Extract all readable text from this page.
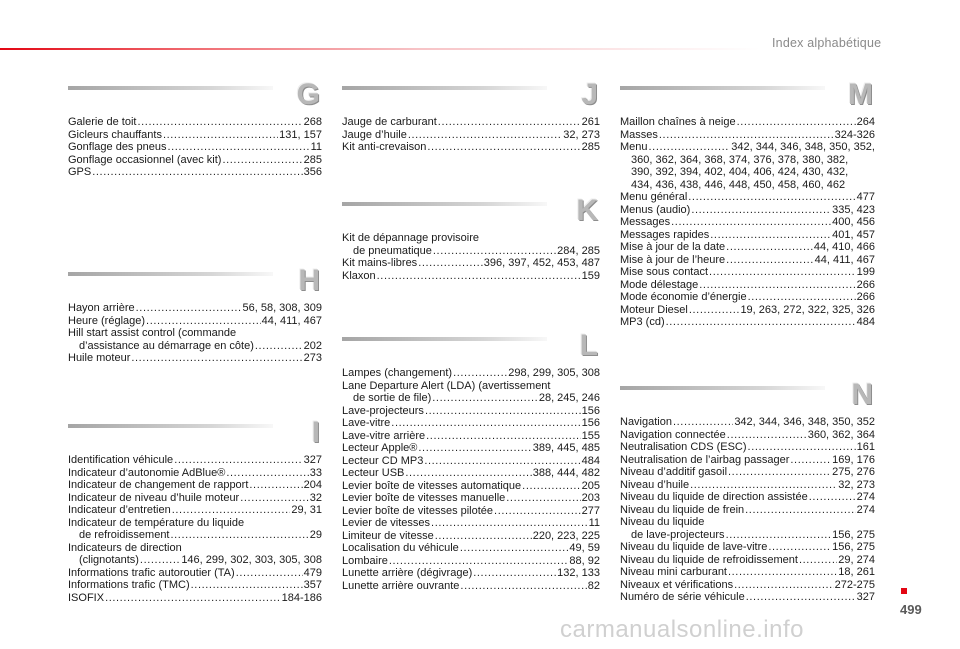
Index alphabétique
G
Galerie de toit .....	268
Gicleurs chauffants .....	131, 157
Gonflage des pneus .....	11
Gonflage occasionnel (avec kit) .....	285
GPS .....	356
H
Hayon arrière .....	56, 58, 308, 309
Heure (réglage) .....	44, 411, 467
Hill start assist control (commande
d’assistance au démarrage en côte) .....	202
Huile moteur .....	273
I
Identification véhicule .....	327
Indicateur d’autonomie AdBlue® .....	33
Indicateur de changement de rapport .....	204
Indicateur de niveau d’huile moteur .....	32
Indicateur d’entretien .....	29, 31
Indicateur de température du liquide
de refroidissement .....	29
Indicateurs de direction
(clignotants) .....	146, 299, 302, 303, 305, 308
Informations trafic autoroutier (TA) .....	479
Informations trafic (TMC) .....	357
ISOFIX .....	184-186
J
Jauge de carburant .....	261
Jauge d’huile .....	32, 273
Kit anti-crevaison .....	285
K
Kit de dépannage provisoire
de pneumatique .....	284, 285
Kit mains-libres .....	396, 397, 452, 453, 487
Klaxon .....	159
L
Lampes (changement) .....	298, 299, 305, 308
Lane Departure Alert (LDA) (avertissement
de sortie de file) .....	28, 245, 246
Lave-projecteurs .....	156
Lave-vitre .....	156
Lave-vitre arrière .....	155
Lecteur Apple® .....	389, 445, 485
Lecteur CD MP3 .....	484
Lecteur USB .....	388, 444, 482
Levier boîte de vitesses automatique .....	205
Levier boîte de vitesses manuelle .....	203
Levier boîte de vitesses pilotée .....	277
Levier de vitesses .....	11
Limiteur de vitesse .....	220, 223, 225
Localisation du véhicule .....	49, 59
Lombaire .....	88, 92
Lunette arrière (dégivrage) .....	132, 133
Lunette arrière ouvrante .....	82
M
Maillon chaînes à neige .....	264
Masses .....	324-326
Menu .....	342, 344, 346, 348, 350, 352,
360, 362, 364, 368, 374, 376, 378, 380, 382,
390, 392, 394, 402, 404, 406, 424, 430, 432,
434, 436, 438, 446, 448, 450, 458, 460, 462
Menu général .....	477
Menus (audio) .....	335, 423
Messages .....	400, 456
Messages rapides .....	401, 457
Mise à jour de la date .....	44, 410, 466
Mise à jour de l’heure .....	44, 411, 467
Mise sous contact .....	199
Mode délestage .....	266
Mode économie d’énergie .....	266
Moteur Diesel .....	19, 263, 272, 322, 325, 326
MP3 (cd) .....	484
N
Navigation .....	342, 344, 346, 348, 350, 352
Navigation connectée .....	360, 362, 364
Neutralisation CDS (ESC) .....	161
Neutralisation de l’airbag passager .....	169, 176
Niveau d’additif gasoil .....	275, 276
Niveau d’huile .....	32, 273
Niveau du liquide de direction assistée .....	274
Niveau du liquide de frein .....	274
Niveau du liquide
de lave-projecteurs .....	156, 275
Niveau du liquide de lave-vitre .....	156, 275
Niveau du liquide de refroidissement .....	29, 274
Niveau mini carburant .....	18, 261
Niveaux et vérifications .....	272-275
Numéro de série véhicule .....	327
carmanualsonline.info
499
